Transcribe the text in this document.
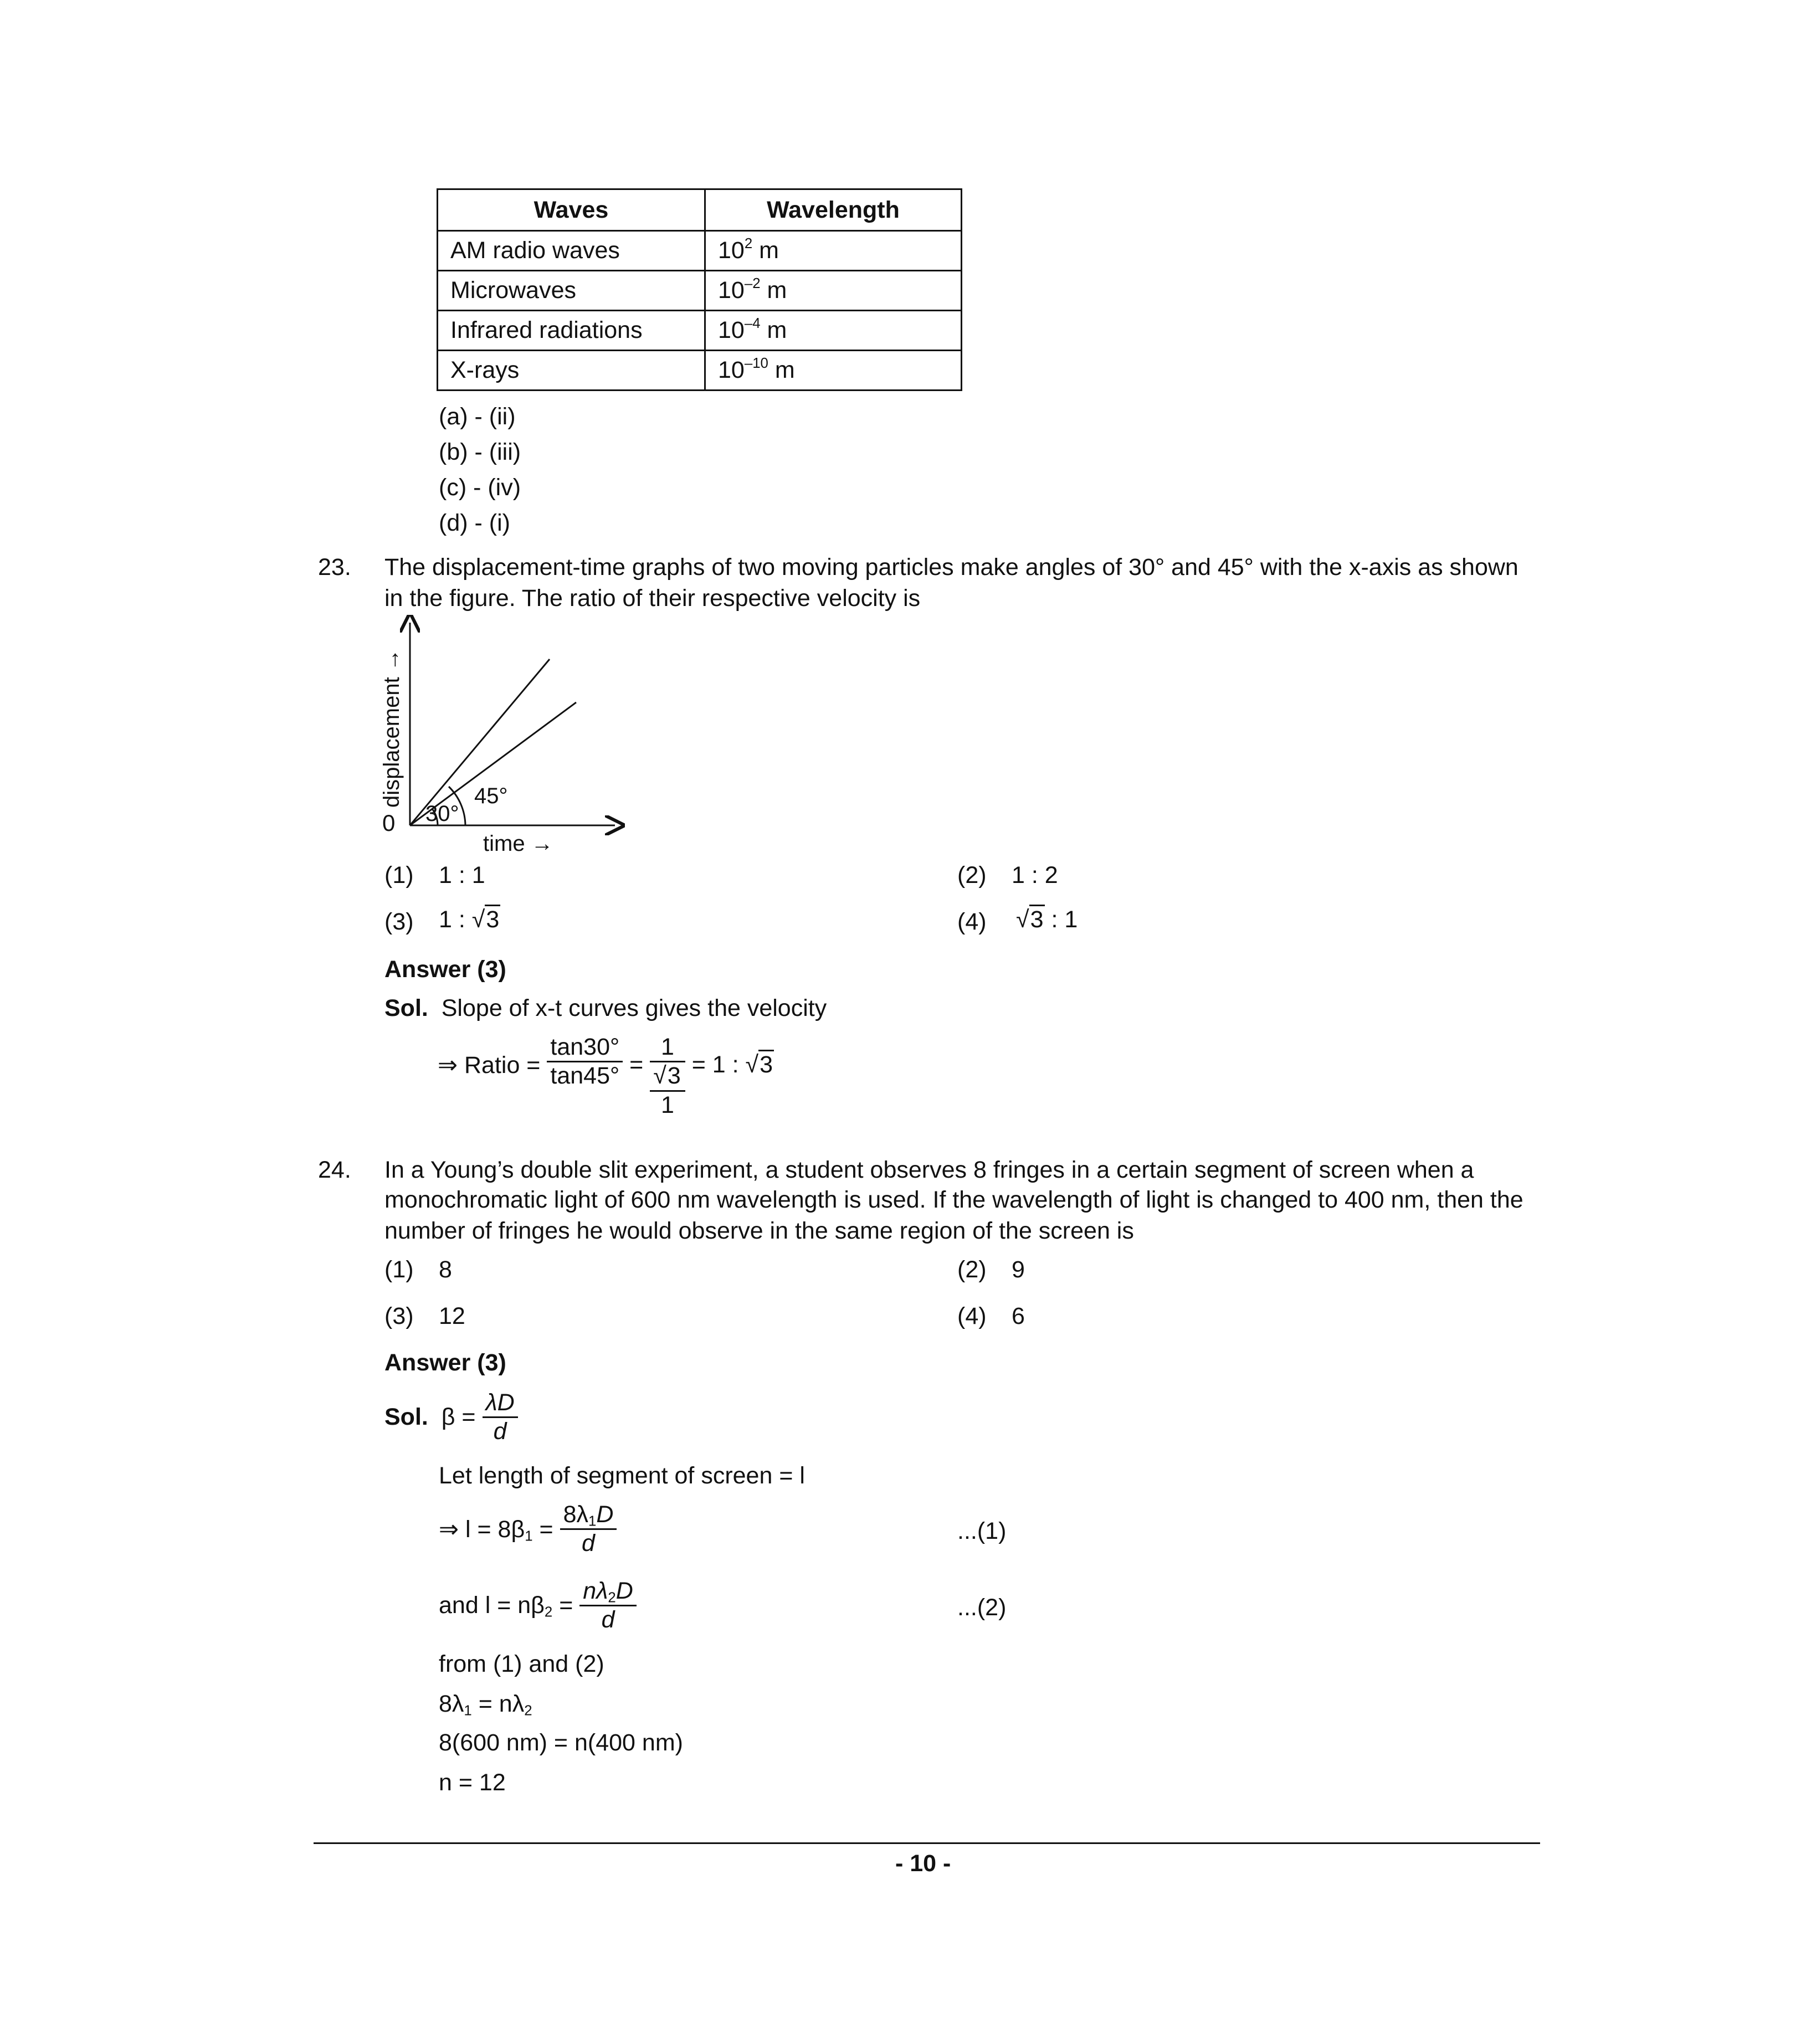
Waves	Wavelength
AM radio waves	$10^2$ m
Microwaves	$10^{-2}$ m
Infrared radiations	$10^{-4}$ m
X-rays	$10^{-10}$ m
(a) - (ii)
(b) - (iii)
(c) - (iv)
(d) - (i)
23. The displacement-time graphs of two moving particles make angles of 30° and 45° with the x-axis as shown
in the figure. The ratio of their respective velocity is
0 30°
45°
time →
displacement →
(1) 1 : 1	(2) 1 : 2
(3) 1 : √3	(4) √3 : 1
Answer (3)
Sol. Slope of x-t curves gives the velocity
⇒ Ratio = $\frac{\tan 30^\circ}{\tan 45^\circ}$ =
1
√3
1
= 1 : √3
24. In a Young’s double slit experiment, a student observes 8 fringes in a certain segment of screen when a
monochromatic light of 600 nm wavelength is used. If the wavelength of light is changed to 400 nm, then the
number of fringes he would observe in the same region of the screen is
(1) 8	(2) 9
(3) 12	(4) 6
Answer (3)
Sol. $\beta = \frac{\lambda D}{d}$
Let length of segment of screen = l
⇒ $l = 8\beta_1 = \frac{8\lambda_1D}{d}$	...(1)
and $l = n\beta_2 = \frac{n\lambda_2D}{d}$	...(2)
from (1) and (2)
$8\lambda_1 = n\lambda_2$
8(600 nm) = n(400 nm)
n = 12
- 10 -
